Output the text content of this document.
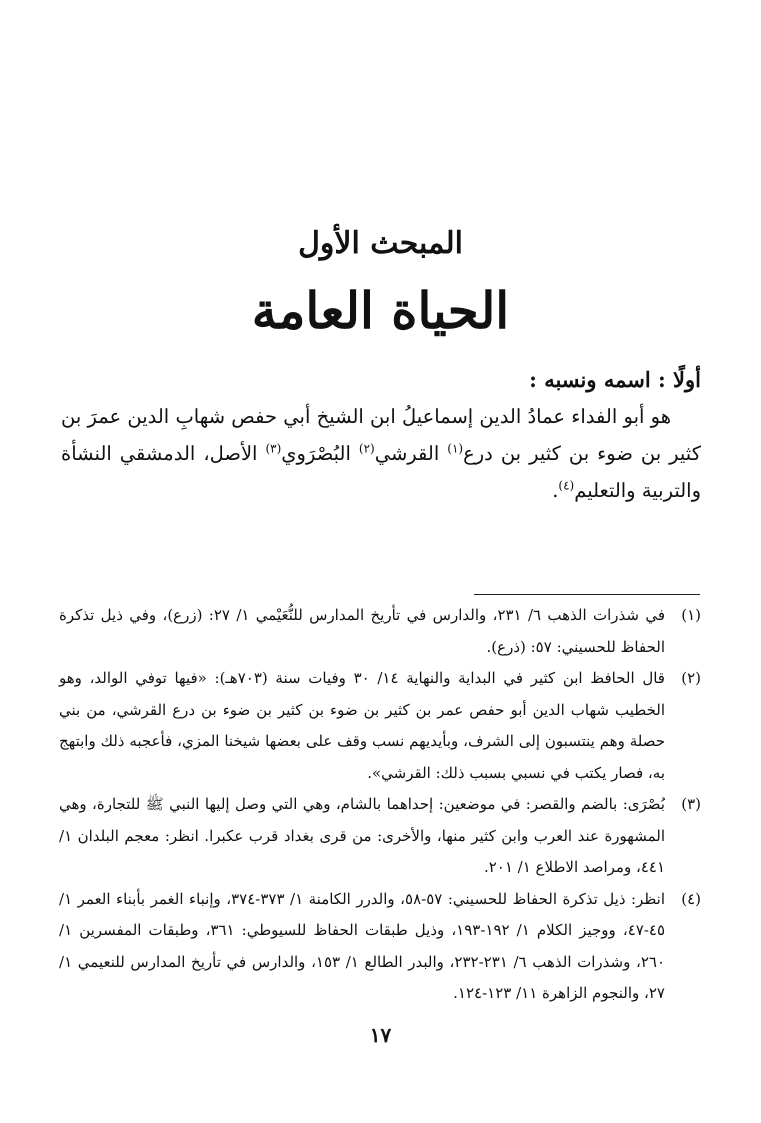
المبحث الأول
الحياة العامة
أولًا : اسمه ونسبه :

هو أبو الفداء عمادُ الدين إسماعيلُ ابن الشيخ أبي حفص شهابِ الدين عمرَ بن كثير بن ضوء بن كثير بن درع$^{(١)}$ القرشي$^{(٢)}$ البُصْرَوي$^{(٣)}$ الأصل، الدمشقي النشأة والتربية والتعليم$^{(٤)}$.

(١)
في شذرات الذهب ٦/ ٢٣١، والدارس في تأريخ المدارس للنُّعَيْمي ١/ ٢٧: (زرع)، وفي ذيل تذكرة الحفاظ للحسيني: ٥٧: (ذرع).
(٢)
قال الحافظ ابن كثير في البداية والنهاية ١٤/ ٣٠ وفيات سنة (٧٠٣هـ): «فيها توفي الوالد، وهو الخطيب شهاب الدين أبو حفص عمر بن كثير بن ضوء بن كثير بن ضوء بن درع القرشي، من بني حصلة وهم ينتسبون إلى الشرف، وبأيديهم نسب وقف على بعضها شيخنا المزي، فأعجبه ذلك وابتهج به، فصار يكتب في نسبي بسبب ذلك: القرشي».
(٣)
بُصْرَى: بالضم والقصر: في موضعين: إحداهما بالشام، وهي التي وصل إليها النبي ﷺ للتجارة، وهي المشهورة عند العرب وابن كثير منها، والأخرى: من قرى بغداد قرب عكبرا. انظر: معجم البلدان ١/ ٤٤١، ومراصد الاطلاع ١/ ٢٠١.
(٤)
انظر: ذيل تذكرة الحفاظ للحسيني: ٥٧-٥٨، والدرر الكامنة ١/ ٣٧٣-٣٧٤، وإنباء الغمر بأبناء العمر ١/ ٤٥-٤٧، ووجيز الكلام ١/ ١٩٢-١٩٣، وذيل طبقات الحفاظ للسيوطي: ٣٦١، وطبقات المفسرين ١/ ٢٦٠، وشذرات الذهب ٦/ ٢٣١-٢٣٢، والبدر الطالع ١/ ١٥٣، والدارس في تأريخ المدارس للنعيمي ١/ ٢٧، والنجوم الزاهرة ١١/ ١٢٣-١٢٤.
١٧
